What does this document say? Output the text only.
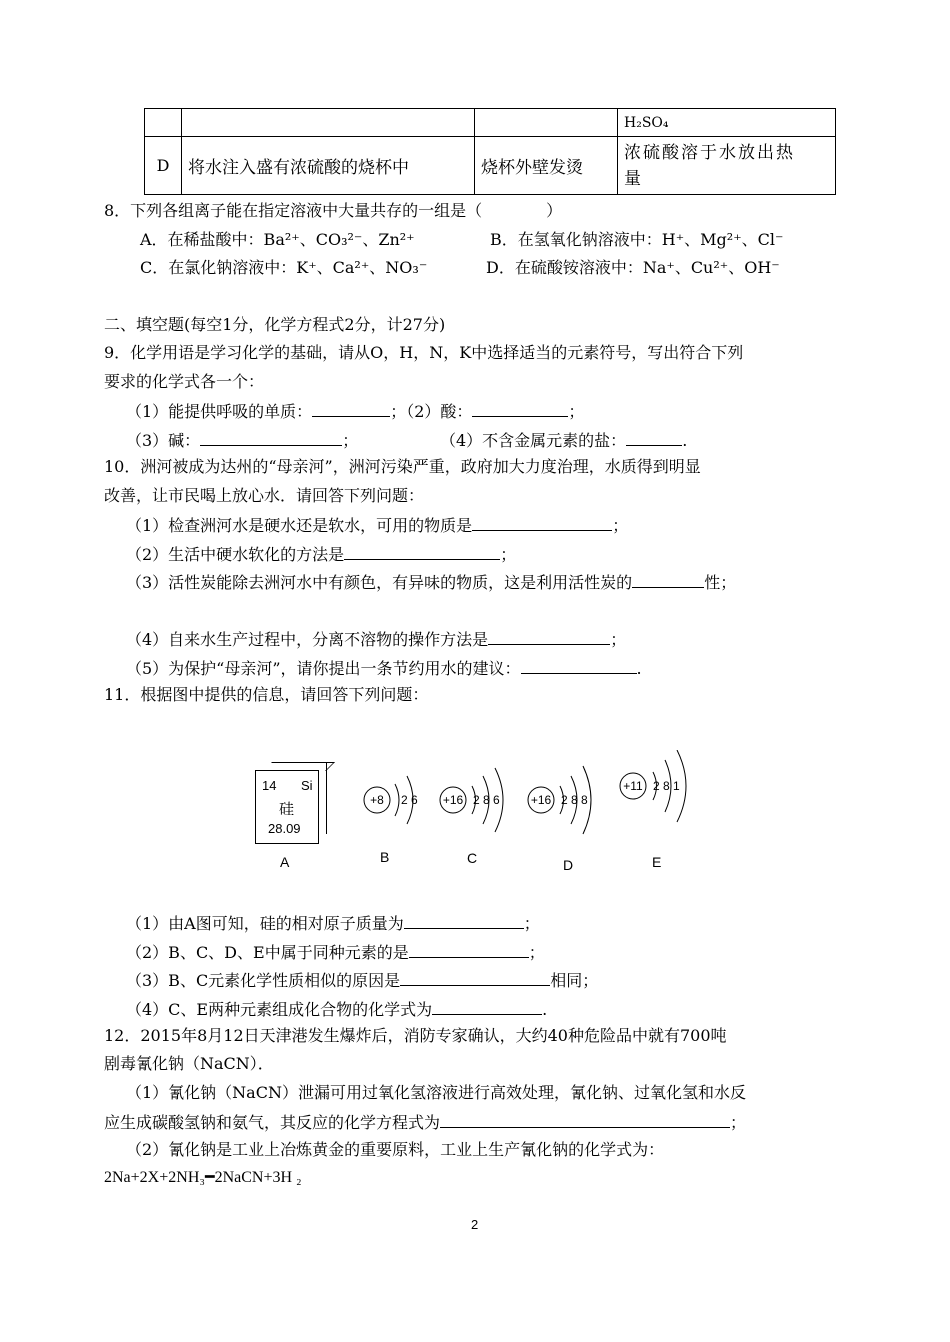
			H₂SO₄
D	将水注入盛有浓硫酸的烧杯中	烧杯外壁发烫	浓硫酸溶于水放出热
量
8．下列各组离子能在指定溶液中大量共存的一组是（　　　　）
A．在稀盐酸中：Ba²⁺、CO₃²⁻、Zn²⁺	B．在氢氧化钠溶液中：H⁺、Mg²⁺、Cl⁻
C．在氯化钠溶液中：K⁺、Ca²⁺、NO₃⁻	D．在硫酸铵溶液中：Na⁺、Cu²⁺、OH⁻
二、填空题(每空1分，化学方程式2分，计27分)
9．化学用语是学习化学的基础，请从O，H，N，K中选择适当的元素符号，写出符合下列
要求的化学式各一个：
（1）能提供呼吸的单质：	；（2）酸：	；
（3）碱：	；	（4）不含金属元素的盐：	.
10．洲河被成为达州的“母亲河”，洲河污染严重，政府加大力度治理，水质得到明显
改善，让市民喝上放心水．请回答下列问题：
（1）检查洲河水是硬水还是软水，可用的物质是	；
（2）生活中硬水软化的方法是	；
（3）活性炭能除去洲河水中有颜色，有异味的物质，这是利用活性炭的	性；
（4）自来水生产过程中，分离不溶物的操作方法是	；
（5）为保护“母亲河”，请你提出一条节约用水的建议：	.
11．根据图中提供的信息，请回答下列问题：
14 Si
硅
28.09
A
+8 2 6 +16 2 8 6	+16 2 8 8
+11 2 8 1
B	C	D	E
（1）由A图可知，硅的相对原子质量为	；
（2）B、C、D、E中属于同种元素的是	；
（3）B、C元素化学性质相似的原因是	相同；
（4）C、E两种元素组成化合物的化学式为	.
12．2015年8月12日天津港发生爆炸后，消防专家确认，大约40种危险品中就有700吨
剧毒氰化钠（NaCN）．
（1）氰化钠（NaCN）泄漏可用过氧化氢溶液进行高效处理，氰化钠、过氧化氢和水反
应生成碳酸氢钠和氨气，其反应的化学方程式为	；
（2）氰化钠是工业上冶炼黄金的重要原料，工业上生产氰化钠的化学式为：
2Na+2X+2NH₃━2NaCN+3H ₂
2
